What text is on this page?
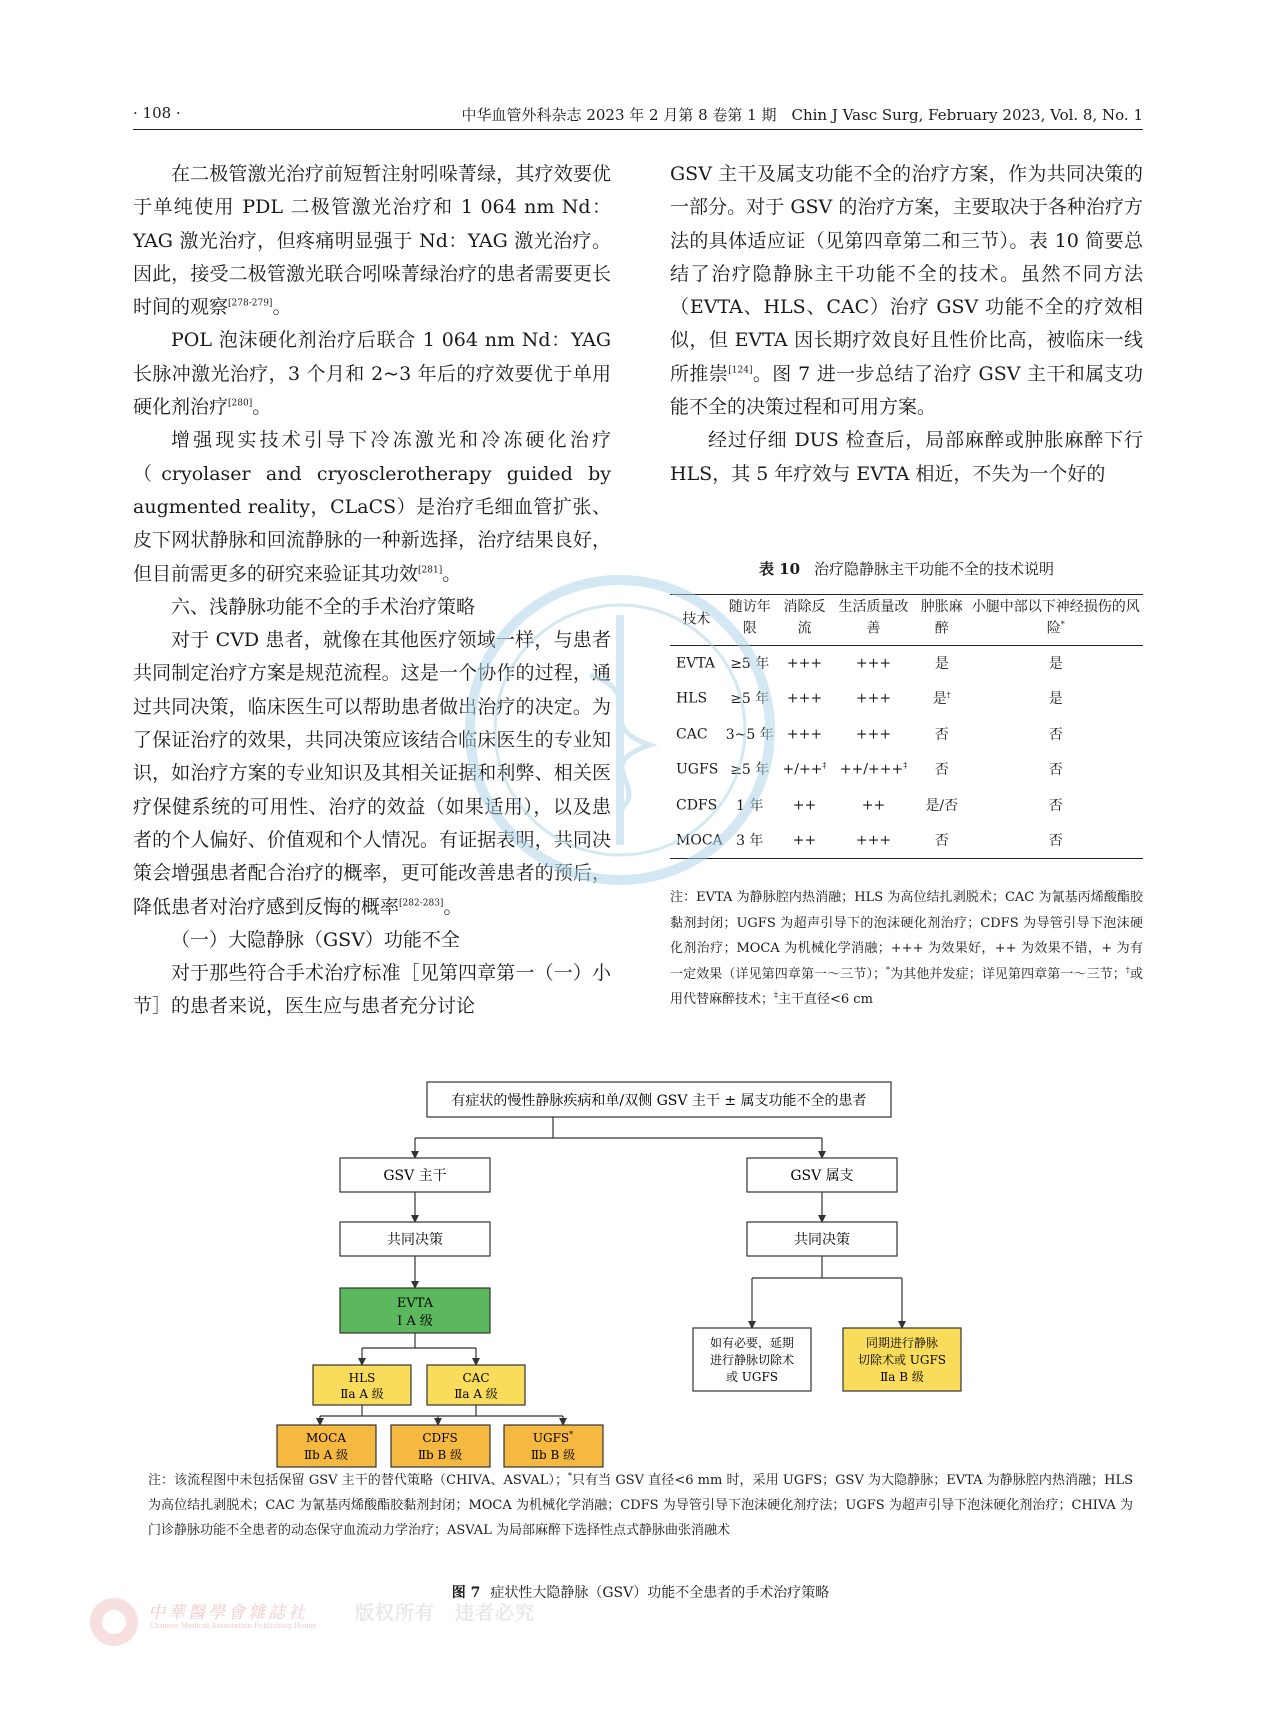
· 108 ·	中华血管外科杂志 2023 年 2 月第 8 卷第 1 期　Chin J Vasc Surg, February 2023, Vol. 8, No. 1

在二极管激光治疗前短暂注射吲哚菁绿，其疗效要优于单纯使用 PDL 二极管激光治疗和 1 064 nm Nd：YAG 激光治疗，但疼痛明显强于 Nd：YAG 激光治疗。因此，接受二极管激光联合吲哚菁绿治疗的患者需要更长时间的观察[278-279]。

POL 泡沫硬化剂治疗后联合 1 064 nm Nd：YAG 长脉冲激光治疗，3 个月和 2~3 年后的疗效要优于单用硬化剂治疗[280]。

增强现实技术引导下冷冻激光和冷冻硬化治疗（cryolaser and cryosclerotherapy guided by augmented reality，CLaCS）是治疗毛细血管扩张、皮下网状静脉和回流静脉的一种新选择，治疗结果良好，但目前需更多的研究来验证其功效[281]。

六、浅静脉功能不全的手术治疗策略

对于 CVD 患者，就像在其他医疗领域一样，与患者共同制定治疗方案是规范流程。这是一个协作的过程，通过共同决策，临床医生可以帮助患者做出治疗的决定。为了保证治疗的效果，共同决策应该结合临床医生的专业知识，如治疗方案的专业知识及其相关证据和利弊、相关医疗保健系统的可用性、治疗的效益（如果适用），以及患者的个人偏好、价值观和个人情况。有证据表明，共同决策会增强患者配合治疗的概率，更可能改善患者的预后，降低患者对治疗感到反悔的概率[282-283]。

（一）大隐静脉（GSV）功能不全

对于那些符合手术治疗标准［见第四章第一（一）小节］的患者来说，医生应与患者充分讨论

GSV 主干及属支功能不全的治疗方案，作为共同决策的一部分。对于 GSV 的治疗方案，主要取决于各种治疗方法的具体适应证（见第四章第二和三节）。表 10 简要总结了治疗隐静脉主干功能不全的技术。虽然不同方法（EVTA、HLS、CAC）治疗 GSV 功能不全的疗效相似，但 EVTA 因长期疗效良好且性价比高，被临床一线所推崇[124]。图 7 进一步总结了治疗 GSV 主干和属支功能不全的决策过程和可用方案。

经过仔细 DUS 检查后，局部麻醉或肿胀麻醉下行 HLS，其 5 年疗效与 EVTA 相近，不失为一个好的

表 10 治疗隐静脉主干功能不全的技术说明
技术	随访年限	消除反流	生活质量改善	肿胀麻醉	小腿中部以下神经损伤的风险*
EVTA	≥5 年	+++	+++	是	是
HLS	≥5 年	+++	+++	是†	是
CAC	3~5 年	+++	+++	否	否
UGFS	≥5 年	+/++‡	++/+++‡	否	否
CDFS	1 年	++	++	是/否	否
MOCA	3 年	++	+++	否	否
注：EVTA 为静脉腔内热消融；HLS 为高位结扎剥脱术；CAC 为氰基丙烯酸酯胶黏剂封闭；UGFS 为超声引导下的泡沫硬化剂治疗；CDFS 为导管引导下泡沫硬化剂治疗；MOCA 为机械化学消融；+++ 为效果好，++ 为效果不错，+ 为有一定效果（详见第四章第一～三节）；*为其他并发症；详见第四章第一～三节；†或用代替麻醉技术；‡主干直径<6 cm
有症状的慢性静脉疾病和单/双侧 GSV 主干 ± 属支功能不全的患者
GSV 主干	GSV 属支
共同决策	共同决策
EVTA
Ⅰ A 级
HLS
Ⅱa A 级
CAC
Ⅱa A 级
MOCA
Ⅱb A 级
CDFS
Ⅱb B 级
UGFS*
Ⅱb B 级
如有必要，延期
进行静脉切除术
或 UGFS
同期进行静脉
切除术或 UGFS
Ⅱa B 级
注：该流程图中未包括保留 GSV 主干的替代策略（CHIVA、ASVAL）；*只有当 GSV 直径<6 mm 时，采用 UGFS；GSV 为大隐静脉；EVTA 为静脉腔内热消融；HLS 为高位结扎剥脱术；CAC 为氰基丙烯酸酯胶黏剂封闭；MOCA 为机械化学消融；CDFS 为导管引导下泡沫硬化剂疗法；UGFS 为超声引导下泡沫硬化剂治疗；CHIVA 为门诊静脉功能不全患者的动态保守血流动力学治疗；ASVAL 为局部麻醉下选择性点式静脉曲张消融术
图 7 症状性大隐静脉（GSV）功能不全患者的手术治疗策略
中華醫學會雜誌社
Chinese Medical Association Publishing House
版权所有　违者必究
